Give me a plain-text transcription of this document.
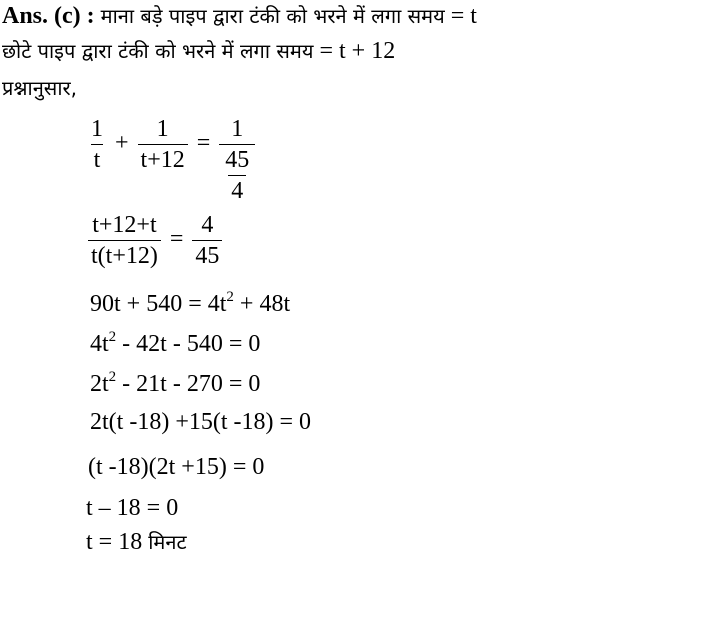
Ans. (c) : माना बड़े पाइप द्वारा टंकी को भरने में लगा समय = t
छोटे पाइप द्वारा टंकी को भरने में लगा समय = t + 12
प्रश्नानुसार,
$\frac{1}{t} + \frac{1}{t+12} = \frac{1}{\frac{45}{4}}$
$\frac{t+12+t}{t(t+12)} = \frac{4}{45}$
$90t + 540 = 4t^2 + 48t$
$4t^2 - 42t - 540 = 0$
$2t^2 - 21t - 270 = 0$
2t(t -18) +15(t -18) = 0
(t -18)(2t +15) = 0
t – 18 = 0
t = 18 मिनट
